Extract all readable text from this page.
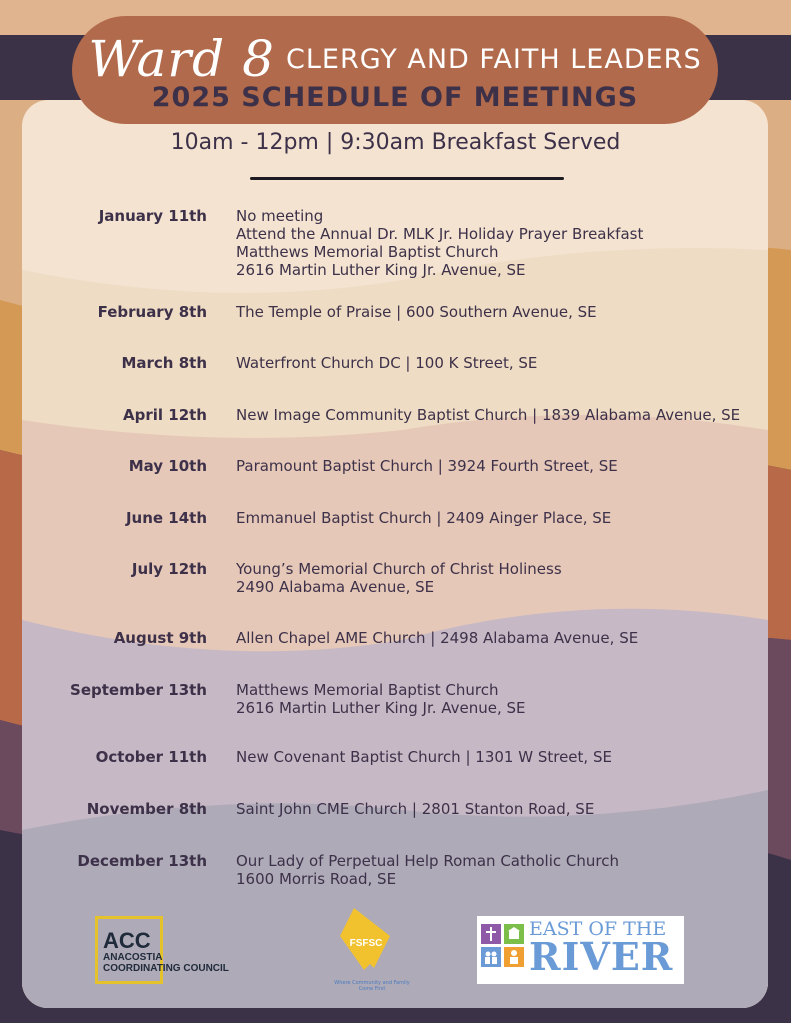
Ward 8 CLERGY AND FAITH LEADERS
2025 SCHEDULE OF MEETINGS
10am - 12pm | 9:30am Breakfast Served
January 11th No meeting
Attend the Annual Dr. MLK Jr. Holiday Prayer Breakfast
Matthews Memorial Baptist Church
2616 Martin Luther King Jr. Avenue, SE
February 8th The Temple of Praise | 600 Southern Avenue, SE
March 8th Waterfront Church DC | 100 K Street, SE
April 12th New Image Community Baptist Church | 1839 Alabama Avenue, SE
May 10th Paramount Baptist Church | 3924 Fourth Street, SE
June 14th Emmanuel Baptist Church | 2409 Ainger Place, SE
July 12th Young’s Memorial Church of Christ Holiness
2490 Alabama Avenue, SE
August 9th Allen Chapel AME Church | 2498 Alabama Avenue, SE
September 13th Matthews Memorial Baptist Church
2616 Martin Luther King Jr. Avenue, SE
October 11th New Covenant Baptist Church | 1301 W Street, SE
November 8th Saint John CME Church | 2801 Stanton Road, SE
December 13th Our Lady of Perpetual Help Roman Catholic Church
1600 Morris Road, SE
ACC
ANACOSTIA
COORDINATING COUNCIL
FSFSC
Where Community and Family Come First
EAST OF THE
RIVER
